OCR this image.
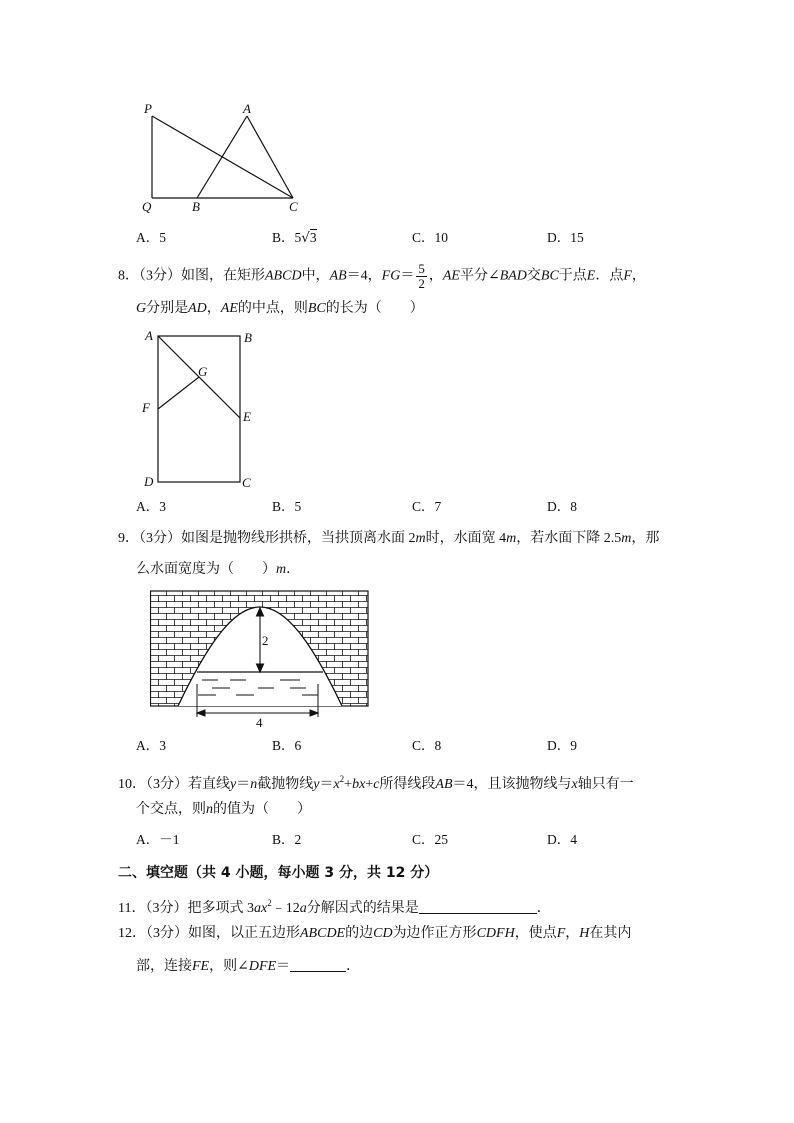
P	A
Q	B	C
A．5	B．5√3	C．10	D．15
8．（3分）如图，在矩形ABCD中，AB＝4，$FG= \frac{5}{2}$ ，AE平分∠BAD交BC于点E．点F，
G分别是AD，AE的中点，则BC的长为（　　）
A	B
G
F
E
D	C
A．3	B．5	C．7	D．8
9．（3分）如图是抛物线形拱桥，当拱顶离水面 2m时，水面宽 4m，若水面下降 2.5m，那
么水面宽度为（　　）m．
2
4
A．3	B．6	C．8	D．9
10．（3分）若直线y＝n截抛物线$y=x^2+bx+c$所得线段AB＝4，且该抛物线与x轴只有一
个交点，则n的值为（　　）
A．－1	B．2	C．25	D．4
二、填空题（共 4 小题，每小题 3 分，共 12 分）
11．（3分）把多项式 $3ax^2﹣12a$分解因式的结果是	．
12．（3分）如图，以正五边形ABCDE的边CD为边作正方形CDFH，使点F，H在其内
部，连接FE，则∠DFE＝	．
